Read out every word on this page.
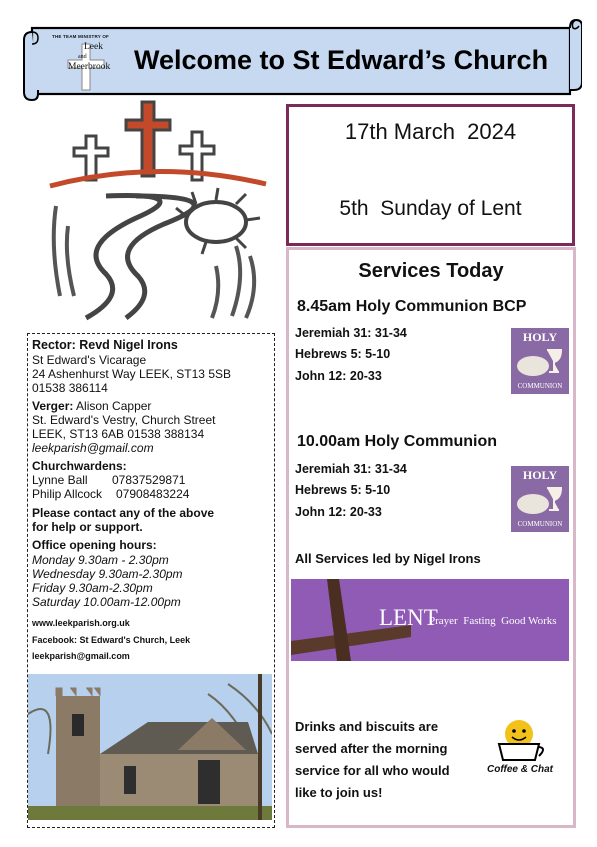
THE TEAM MINISTRY OF
Leek
and
Meerbrook Welcome to St Edward’s Church
17th March  2024
5th  Sunday of Lent
Services Today
8.45am Holy Communion BCP
Jeremiah 31: 31-34
Hebrews 5: 5-10
John 12: 20-33
HOLY
COMMUNION
10.00am Holy Communion
Jeremiah 31: 31-34
Hebrews 5: 5-10
John 12: 20-33
HOLY
COMMUNION
All Services led by Nigel Irons
LENT
Prayer  Fasting  Good Works
Drinks and biscuits are
served after the morning
service for all who would
like to join us!
Coffee & Chat
Rector: Revd Nigel Irons
St Edward's Vicarage
24 Ashenhurst Way LEEK, ST13 5SB
01538 386114
Verger: Alison Capper
St. Edward's Vestry, Church Street
LEEK, ST13 6AB 01538 388134
leekparish@gmail.com
Churchwardens:
Lynne Ball 07837529871
Philip Allcock 07908483224
Please contact any of the above
for help or support.
Office opening hours:
Monday 9.30am - 2.30pm
Wednesday 9.30am-2.30pm
Friday 9.30am-2.30pm
Saturday 10.00am-12.00pm
www.leekparish.org.uk
Facebook: St Edward's Church, Leek
leekparish@gmail.com
